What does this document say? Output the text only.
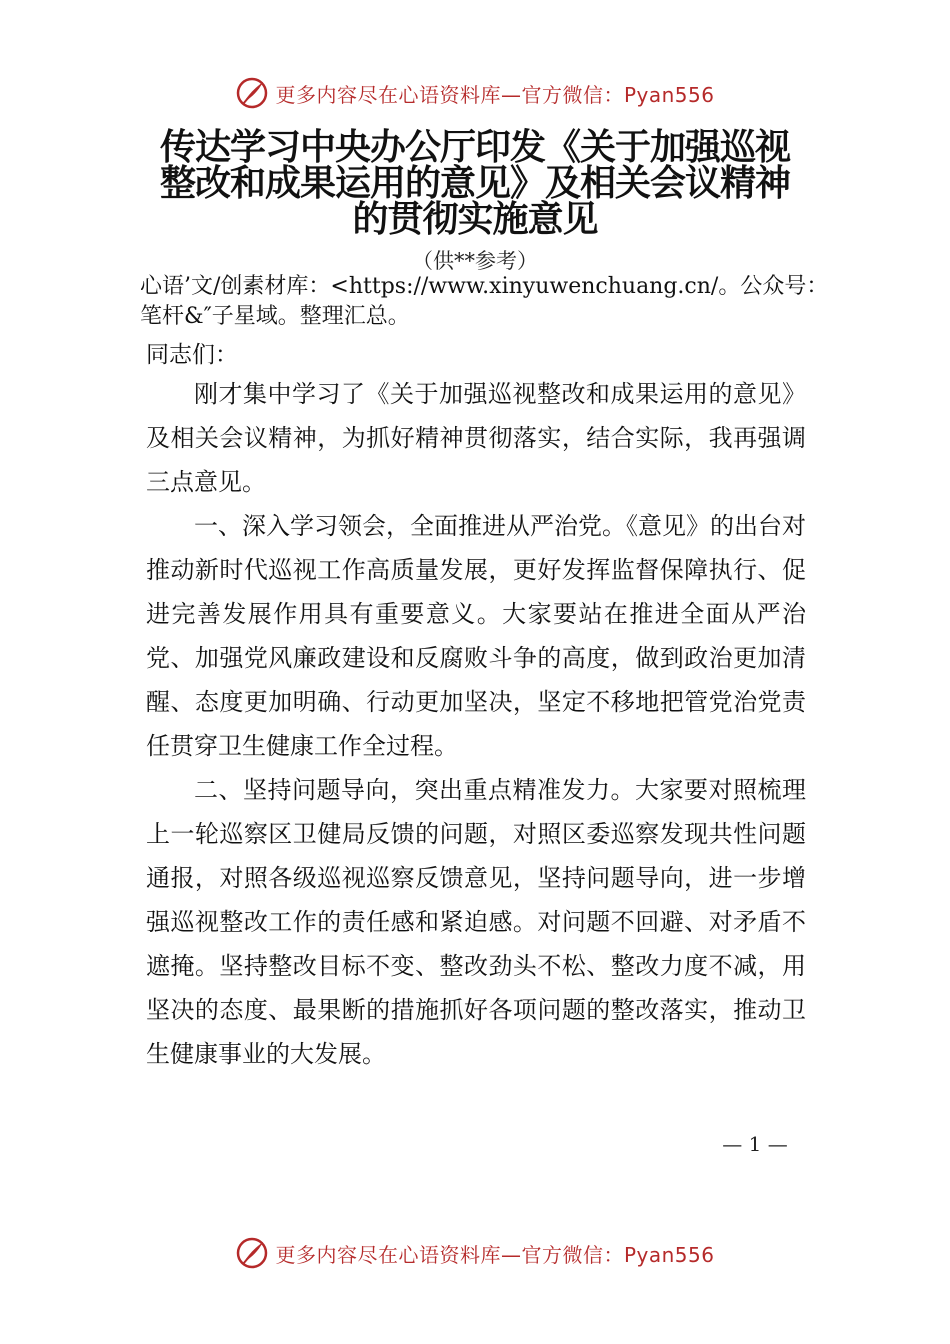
更多内容尽在心语资料库—官方微信：Pyan556
传达学习中央办公厅印发《关于加强巡视整改和成果运用的意见》及相关会议精神的贯彻实施意见
（供**参考）
心语’文/创素材库：<https://www.xinyuwenchuang.cn/。公众号：笔杆&″子星域。整理汇总。
同志们：

刚才集中学习了《关于加强巡视整改和成果运用的意见》及相关会议精神，为抓好精神贯彻落实，结合实际，我再强调三点意见。

一、深入学习领会，全面推进从严治党。《意见》的出台对推动新时代巡视工作高质量发展，更好发挥监督保障执行、促进完善发展作用具有重要意义。大家要站在推进全面从严治党、加强党风廉政建设和反腐败斗争的高度，做到政治更加清醒、态度更加明确、行动更加坚决，坚定不移地把管党治党责任贯穿卫生健康工作全过程。

二、坚持问题导向，突出重点精准发力。大家要对照梳理上一轮巡察区卫健局反馈的问题，对照区委巡察发现共性问题通报，对照各级巡视巡察反馈意见，坚持问题导向，进一步增强巡视整改工作的责任感和紧迫感。对问题不回避、对矛盾不遮掩。坚持整改目标不变、整改劲头不松、整改力度不减，用坚决的态度、最果断的措施抓好各项问题的整改落实，推动卫生健康事业的大发展。

— 1 —
更多内容尽在心语资料库—官方微信：Pyan556
